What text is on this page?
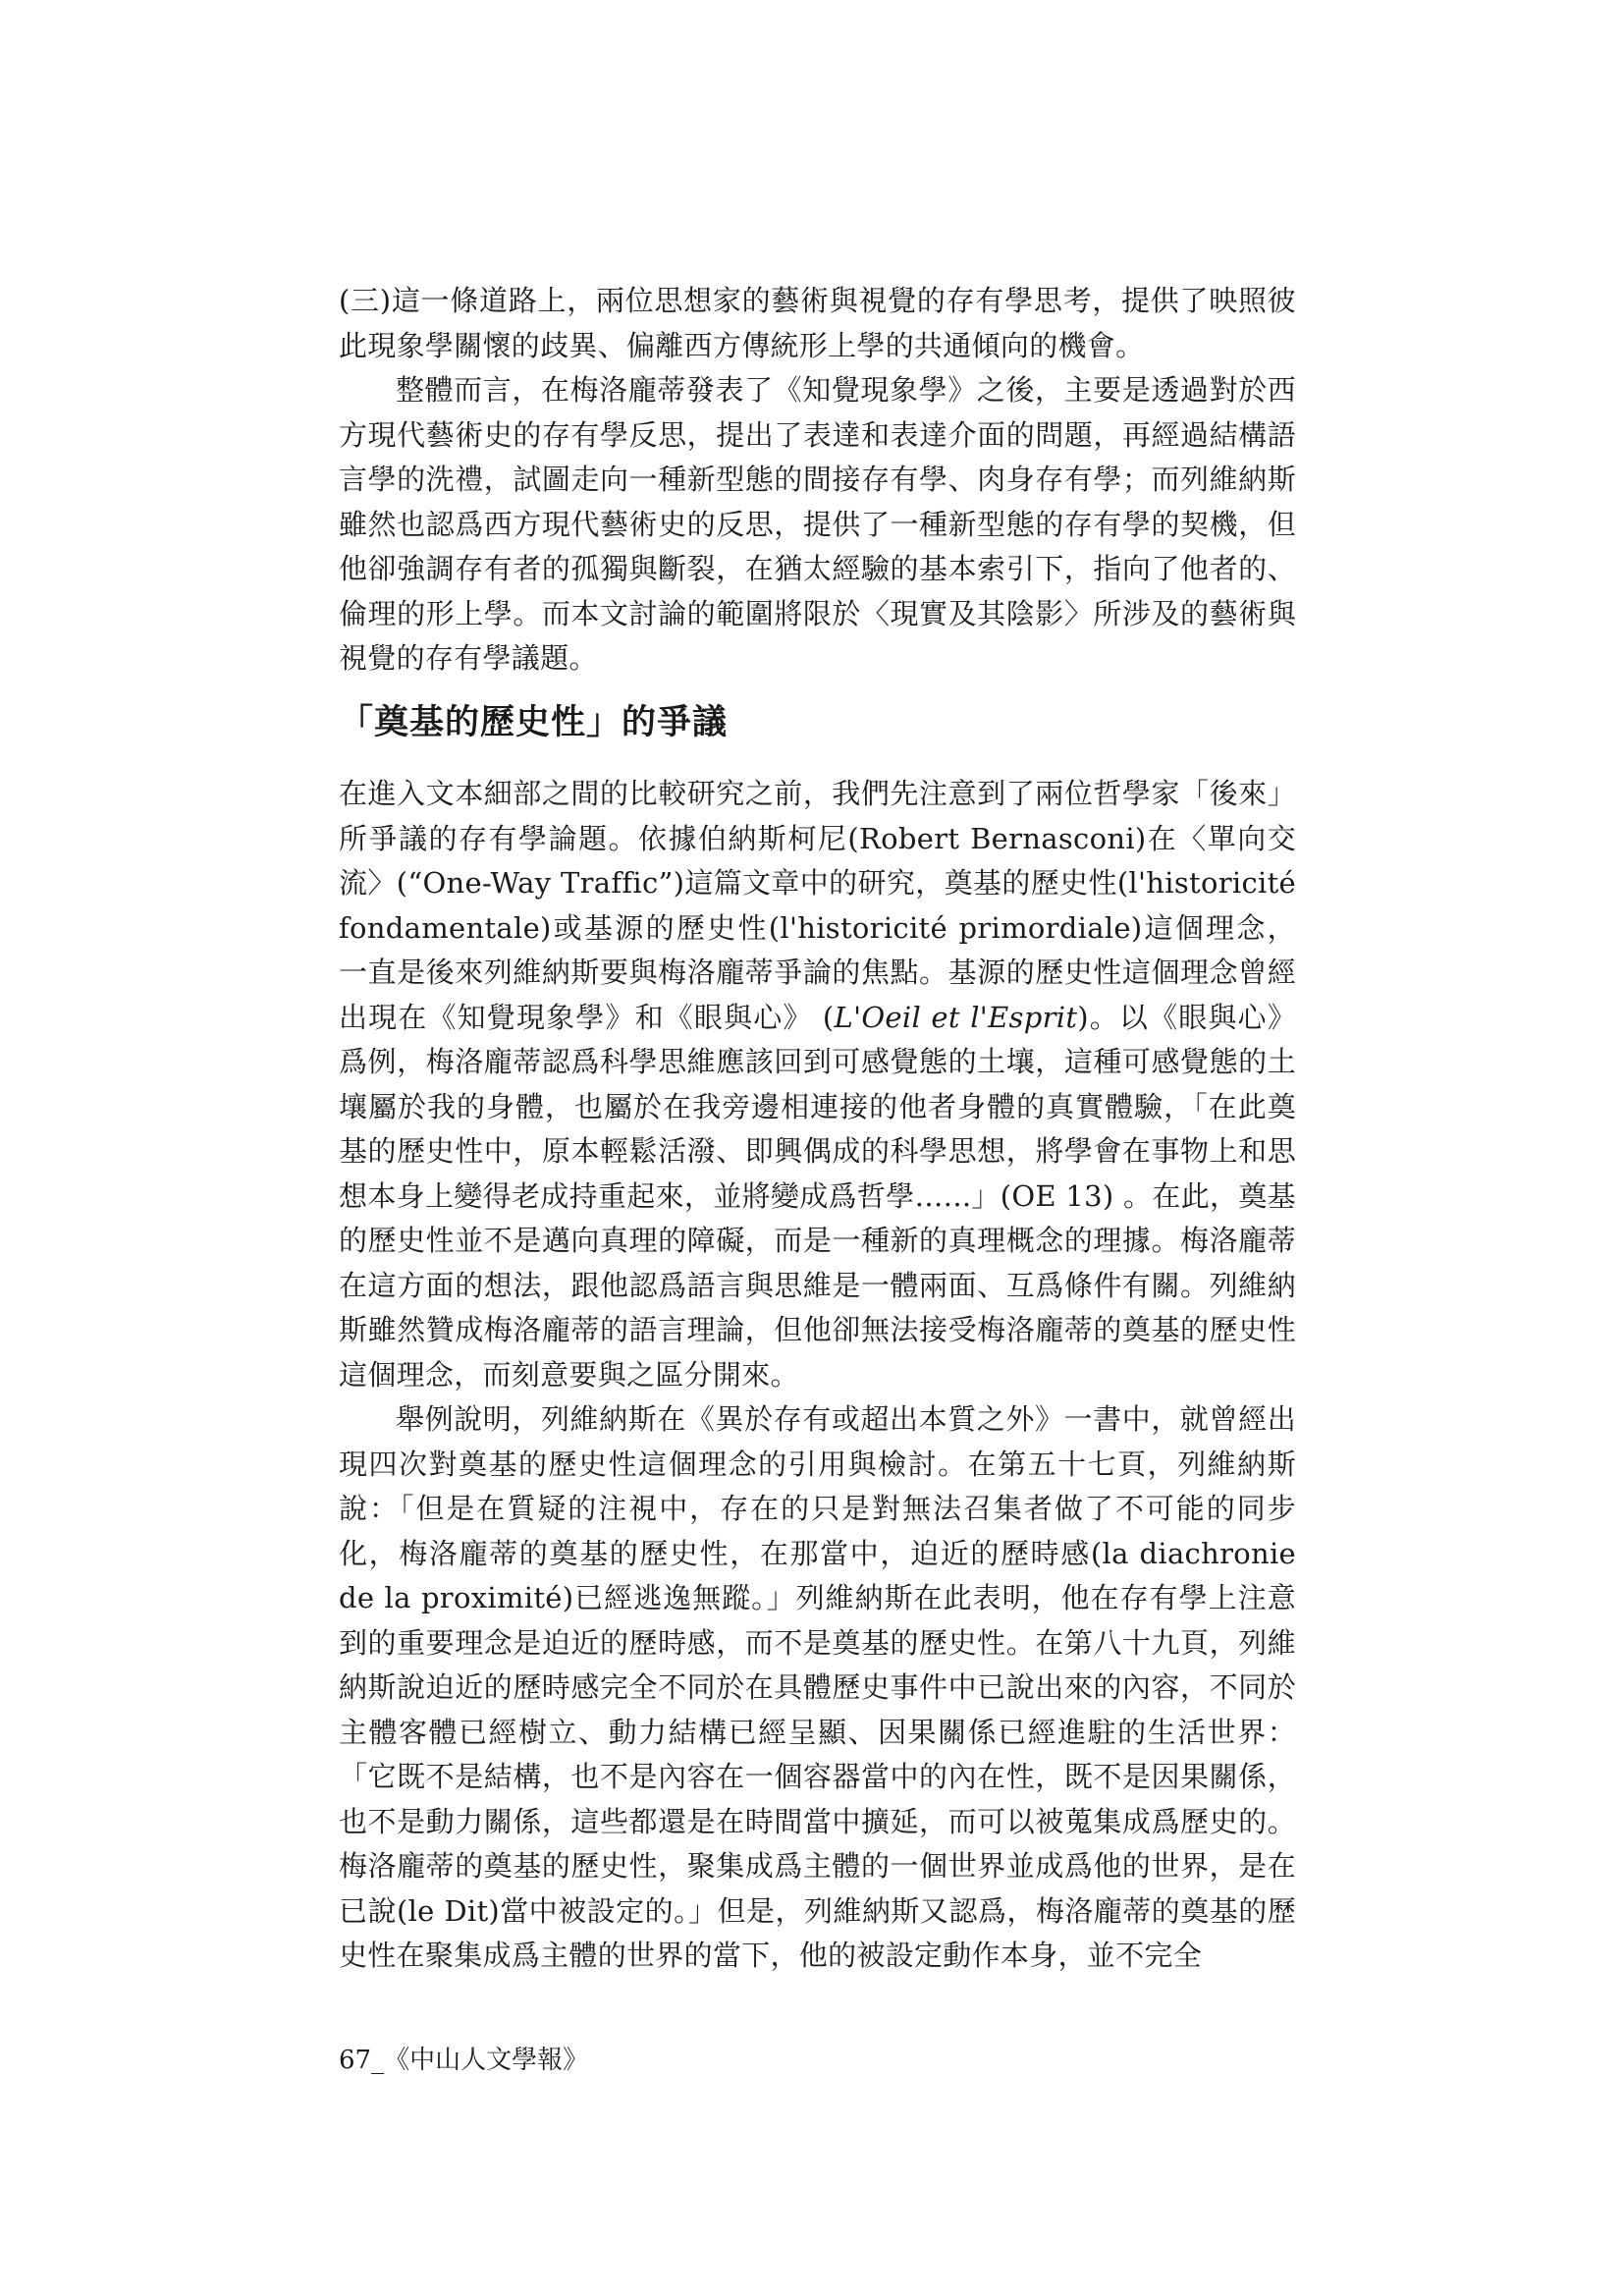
(三)這一條道路上，兩位思想家的藝術與視覺的存有學思考，提供了映照彼此現象學關懷的歧異、偏離西方傳統形上學的共通傾向的機會。

整體而言，在梅洛龐蒂發表了《知覺現象學》之後，主要是透過對於西方現代藝術史的存有學反思，提出了表達和表達介面的問題，再經過結構語言學的洗禮，試圖走向一種新型態的間接存有學、肉身存有學；而列維納斯雖然也認爲西方現代藝術史的反思，提供了一種新型態的存有學的契機，但他卻強調存有者的孤獨與斷裂，在猶太經驗的基本索引下，指向了他者的、倫理的形上學。而本文討論的範圍將限於〈現實及其陰影〉所涉及的藝術與視覺的存有學議題。

「奠基的歷史性」的爭議

在進入文本細部之間的比較研究之前，我們先注意到了兩位哲學家「後來」所爭議的存有學論題。依據伯納斯柯尼(Robert Bernasconi)在〈單向交流〉(“One-Way Traffic”)這篇文章中的研究，奠基的歷史性(l'historicité fondamentale)或基源的歷史性(l'historicité primordiale)這個理念，一直是後來列維納斯要與梅洛龐蒂爭論的焦點。基源的歷史性這個理念曾經出現在《知覺現象學》和《眼與心》 (L'Oeil et l'Esprit)。以《眼與心》爲例，梅洛龐蒂認爲科學思維應該回到可感覺態的土壤，這種可感覺態的土壤屬於我的身體，也屬於在我旁邊相連接的他者身體的真實體驗，「在此奠基的歷史性中，原本輕鬆活潑、即興偶成的科學思想，將學會在事物上和思想本身上變得老成持重起來，並將變成爲哲學…...」(OE 13) 。在此，奠基的歷史性並不是邁向真理的障礙，而是一種新的真理概念的理據。梅洛龐蒂在這方面的想法，跟他認爲語言與思維是一體兩面、互爲條件有關。列維納斯雖然贊成梅洛龐蒂的語言理論，但他卻無法接受梅洛龐蒂的奠基的歷史性這個理念，而刻意要與之區分開來。

舉例說明，列維納斯在《異於存有或超出本質之外》一書中，就曾經出現四次對奠基的歷史性這個理念的引用與檢討。在第五十七頁，列維納斯說：「但是在質疑的注視中，存在的只是對無法召集者做了不可能的同步化，梅洛龐蒂的奠基的歷史性，在那當中，迫近的歷時感(la diachronie de la proximité)已經逃逸無蹤。」列維納斯在此表明，他在存有學上注意到的重要理念是迫近的歷時感，而不是奠基的歷史性。在第八十九頁，列維納斯說迫近的歷時感完全不同於在具體歷史事件中已說出來的內容，不同於主體客體已經樹立、動力結構已經呈顯、因果關係已經進駐的生活世界：「它既不是結構，也不是內容在一個容器當中的內在性，既不是因果關係，也不是動力關係，這些都還是在時間當中擴延，而可以被蒐集成爲歷史的。梅洛龐蒂的奠基的歷史性，聚集成爲主體的一個世界並成爲他的世界，是在已說(le Dit)當中被設定的。」但是，列維納斯又認爲，梅洛龐蒂的奠基的歷史性在聚集成爲主體的世界的當下，他的被設定動作本身，並不完全

67_《中山人文學報》
